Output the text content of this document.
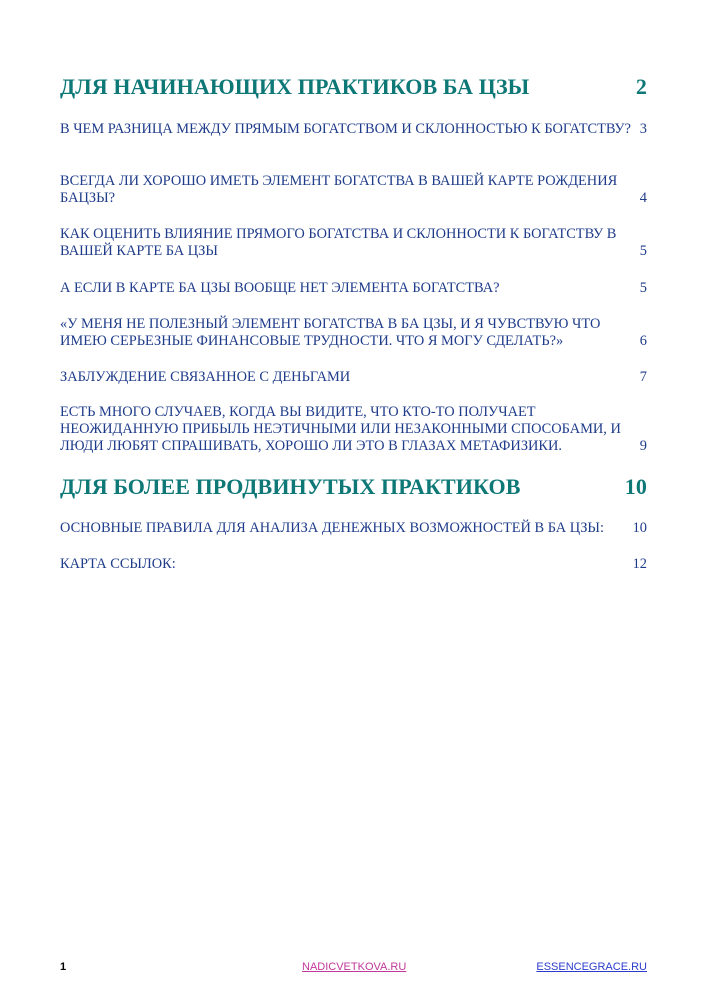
ДЛЯ НАЧИНАЮЩИХ ПРАКТИКОВ БА ЦЗЫ	2
В ЧЕМ РАЗНИЦА МЕЖДУ ПРЯМЫМ БОГАТСТВОМ И СКЛОННОСТЬЮ К БОГАТСТВУ? 3
ВСЕГДА ЛИ ХОРОШО ИМЕТЬ ЭЛЕМЕНТ БОГАТСТВА В ВАШЕЙ КАРТЕ РОЖДЕНИЯ БАЦЗЫ?	4
КАК ОЦЕНИТЬ ВЛИЯНИЕ ПРЯМОГО БОГАТСТВА И СКЛОННОСТИ К БОГАТСТВУ В ВАШЕЙ КАРТЕ БА ЦЗЫ	5
А ЕСЛИ В КАРТЕ БА ЦЗЫ ВООБЩЕ НЕТ ЭЛЕМЕНТА БОГАТСТВА?	5
«У МЕНЯ НЕ ПОЛЕЗНЫЙ ЭЛЕМЕНТ БОГАТСТВА В БА ЦЗЫ, И Я ЧУВСТВУЮ ЧТО ИМЕЮ СЕРЬЕЗНЫЕ ФИНАНСОВЫЕ ТРУДНОСТИ. ЧТО Я МОГУ СДЕЛАТЬ?»	6
ЗАБЛУЖДЕНИЕ СВЯЗАННОЕ С ДЕНЬГАМИ	7
ЕСТЬ МНОГО СЛУЧАЕВ, КОГДА ВЫ ВИДИТЕ, ЧТО КТО-ТО ПОЛУЧАЕТ НЕОЖИДАННУЮ ПРИБЫЛЬ НЕЭТИЧНЫМИ ИЛИ НЕЗАКОННЫМИ СПОСОБАМИ, И ЛЮДИ ЛЮБЯТ СПРАШИВАТЬ, ХОРОШО ЛИ ЭТО В ГЛАЗАХ МЕТАФИЗИКИ.	9
ДЛЯ БОЛЕЕ ПРОДВИНУТЫХ ПРАКТИКОВ	10
ОСНОВНЫЕ ПРАВИЛА ДЛЯ АНАЛИЗА ДЕНЕЖНЫХ ВОЗМОЖНОСТЕЙ В БА ЦЗЫ:	10
КАРТА ССЫЛОК:	12
1	NADICVETKOVA.RU	ESSENCEGRACE.RU
